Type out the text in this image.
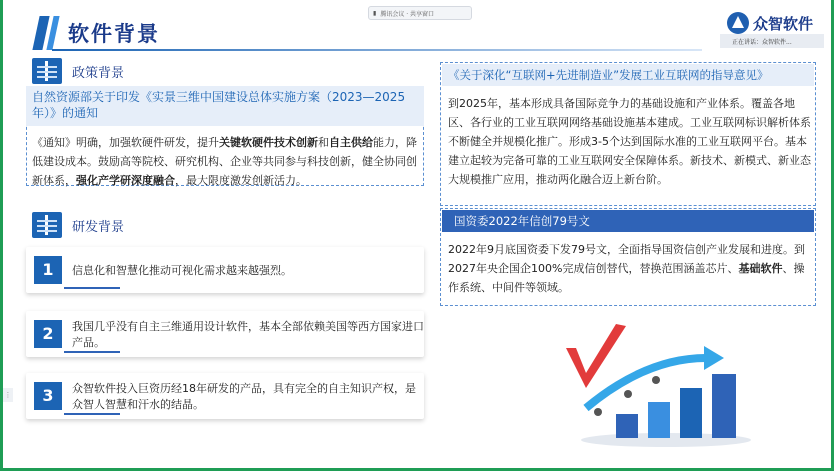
▮ 腾讯会议 · 共享窗口
软件背景	众智软件
正在讲话：众智软件...
政策背景
自然资源部关于印发《实景三维中国建设总体实施方案（2023—2025年）》的通知
《通知》明确，加强软硬件研发，提升关键软硬件技术创新和自主供给能力，降低建设成本。鼓励高等院校、研究机构、企业等共同参与科技创新，健全协同创新体系，强化产学研深度融合，最大限度激发创新活力。
研发背景
1	信息化和智慧化推动可视化需求越来越强烈。
2	我国几乎没有自主三维通用设计软件，基本全部依赖美国等西方国家进口产品。
3	众智软件投入巨资历经18年研发的产品，具有完全的自主知识产权，是众智人智慧和汗水的结晶。
《关于深化“互联网+先进制造业”发展工业互联网的指导意见》
到2025年，基本形成具备国际竞争力的基础设施和产业体系。覆盖各地区、各行业的工业互联网网络基础设施基本建成。工业互联网标识解析体系不断健全并规模化推广。形成3-5个达到国际水准的工业互联网平台。基本建立起较为完备可靠的工业互联网安全保障体系。新技术、新模式、新业态大规模推广应用，推动两化融合迈上新台阶。
国资委2022年信创79号文
2022年9月底国资委下发79号文，全面指导国资信创产业发展和进度。到2027年央企国企100%完成信创替代，替换范围涵盖芯片、基础软件、操作系统、中间件等领域。
⋮
